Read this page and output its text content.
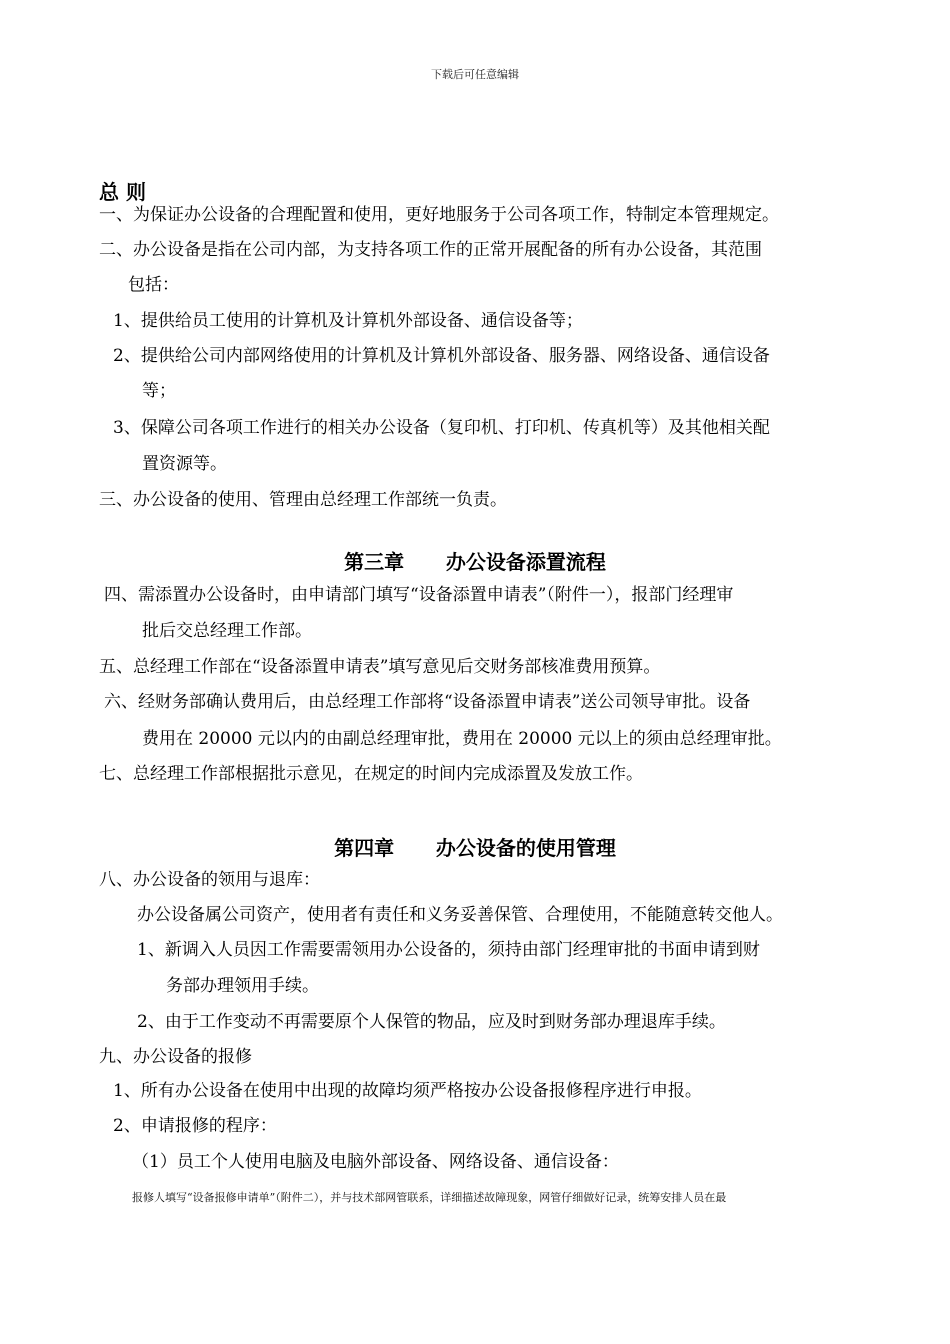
下载后可任意编辑
总 则
一、为保证办公设备的合理配置和使用，更好地服务于公司各项工作，特制定本管理规定。
二、办公设备是指在公司内部，为支持各项工作的正常开展配备的所有办公设备，其范围
包括：
1、提供给员工使用的计算机及计算机外部设备、通信设备等；
2、提供给公司内部网络使用的计算机及计算机外部设备、服务器、网络设备、通信设备
等；
3、保障公司各项工作进行的相关办公设备（复印机、打印机、传真机等）及其他相关配
置资源等。
三、办公设备的使用、管理由总经理工作部统一负责。
第三章      办公设备添置流程
四、需添置办公设备时，由申请部门填写“设备添置申请表”（附件一），报部门经理审
批后交总经理工作部。
五、总经理工作部在“设备添置申请表”填写意见后交财务部核准费用预算。
六、经财务部确认费用后，由总经理工作部将“设备添置申请表”送公司领导审批。设备
费用在 20000 元以内的由副总经理审批，费用在 20000 元以上的须由总经理审批。
七、总经理工作部根据批示意见，在规定的时间内完成添置及发放工作。
第四章      办公设备的使用管理
八、办公设备的领用与退库：
办公设备属公司资产，使用者有责任和义务妥善保管、合理使用，不能随意转交他人。
1、新调入人员因工作需要需领用办公设备的，须持由部门经理审批的书面申请到财
务部办理领用手续。
2、由于工作变动不再需要原个人保管的物品，应及时到财务部办理退库手续。
九、办公设备的报修
1、所有办公设备在使用中出现的故障均须严格按办公设备报修程序进行申报。
2、申请报修的程序：
（1）员工个人使用电脑及电脑外部设备、网络设备、通信设备：
报修人填写“设备报修申请单”（附件二），并与技术部网管联系，详细描述故障现象，网管仔细做好记录，统筹安排人员在最
